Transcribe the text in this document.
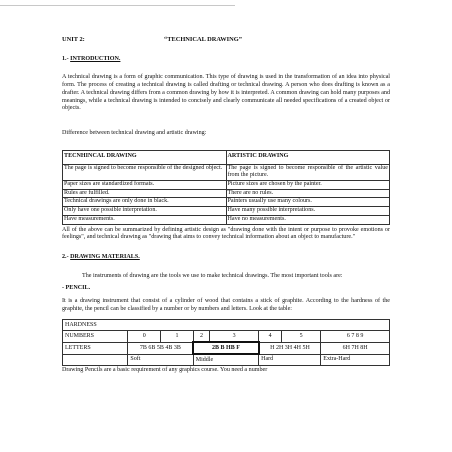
UNIT 2:	“TECHNICAL DRAWING”
1.- INTRODUCTION.
A technical drawing is a form of graphic communication. This type of drawing is used in the transformation of an idea into physical form. The process of creating a technical drawing is called drafting or technical drawing. A person who does drafting is known as a drafter. A technical drawing differs from a common drawing by how it is interpreted. A common drawing can hold many purposes and meanings, while a technical drawing is intended to concisely and clearly communicate all needed specifications of a created object or objects.
Difference between technical drawing and artistic drawing:
TECNHINCAL DRAWING	ARTISTIC DRAWING
The page is signed to become responsible of the designed object.	The page is signed to become responsible of the artistic value from the picture.
Paper sizes are standardized formats.	Picture sizes are chosen by the painter.
Rules are fulfilled.	There are no rules.
Technical drawings are only done in black.	Painters usually use many colours.
Only have one possible interpretation.	Have many possible interpretations.
Have measurements.	Have no measurements.
All of the above can be summarized by defining artistic design as "drawing done with the intent or purpose to provoke emotions or feelings", and technical drawing as "drawing that aims to convey technical information about an object to manufacture."
2.- DRAWING MATERIALS.
The instruments of drawing are the tools we use to make technical drawings. The most important tools are:
- PENCIL.
It is a drawing instrument that consist of a cylinder of wood that contains a stick of graphite. According to the hardness of the graphite, the pencil can be classified by a number or by numbers and letters. Look at the table:
HARDNESS							
NUMBERS	0	1	2	3	4	5	6 7 8 9
LETTERS	7B 6B 5B 4B 3B		2B B HB F		H 2H 3H 4H 5H		6H 7H 8H
	Soft		Middle		Hard		Extra-Hard
Drawing Pencils are a basic requirement of any graphics course. You need a number
